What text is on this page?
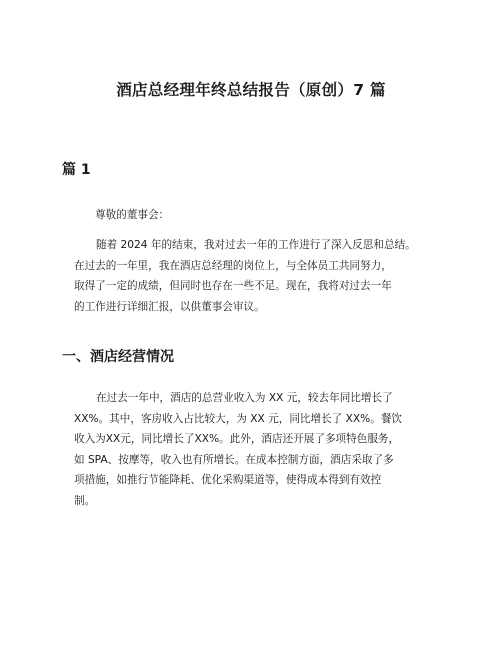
酒店总经理年终总结报告（原创）7 篇
篇 1

尊敬的董事会：

随着 2024 年的结束，我对过去一年的工作进行了深入反思和总结。
在过去的一年里，我在酒店总经理的岗位上，与全体员工共同努力，
取得了一定的成绩，但同时也存在一些不足。现在，我将对过去一年
的工作进行详细汇报，以供董事会审议。
一、酒店经营情况
在过去一年中，酒店的总营业收入为 XX 元，较去年同比增长了
XX%。其中，客房收入占比较大，为 XX 元，同比增长了 XX%。餐饮
收入为XX元，同比增长了XX%。此外，酒店还开展了多项特色服务，
如 SPA、按摩等，收入也有所增长。在成本控制方面，酒店采取了多
项措施，如推行节能降耗、优化采购渠道等，使得成本得到有效控
制。
